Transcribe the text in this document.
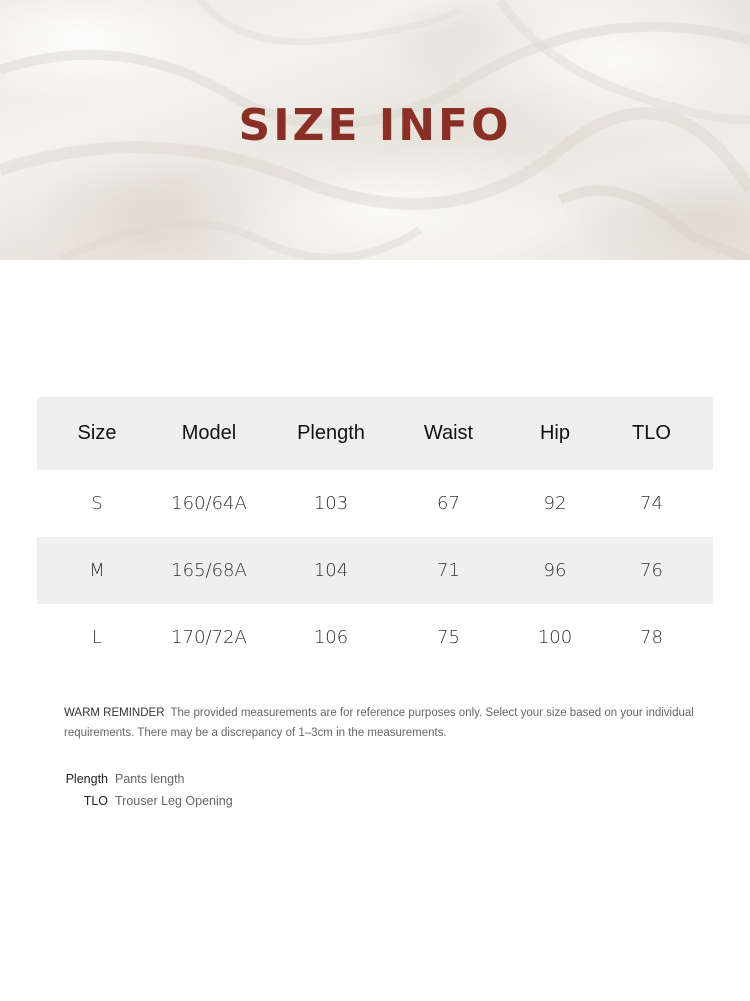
SIZE INFO
Size	Model	Plength	Waist	Hip	TLO
S	160/64A	103	67	92	74
M	165/68A	104	71	96	76
L	170/72A	106	75	100	78

WARM REMINDER The provided measurements are for reference purposes only. Select your size based on your individual requirements. There may be a discrepancy of 1–3cm in the measurements.

Plength Pants length
TLO Trouser Leg Opening
